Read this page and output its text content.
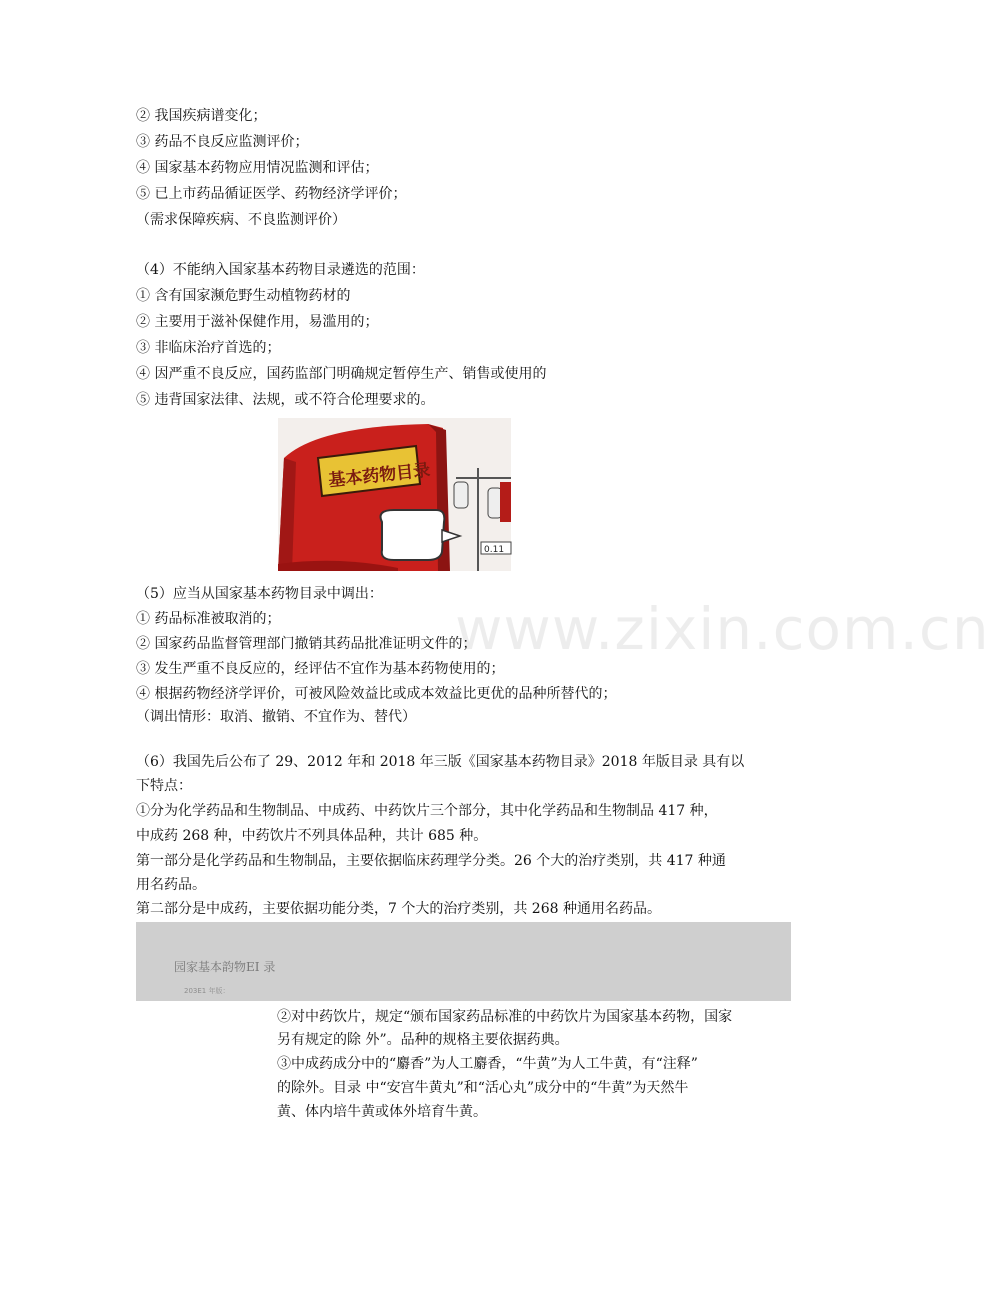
② 我国疾病谱变化；
③ 药品不良反应监测评价；
④ 国家基本药物应用情况监测和评估；
⑤ 已上市药品循证医学、药物经济学评价；
（需求保障疾病、不良监测评价）
（4）不能纳入国家基本药物目录遴选的范围：
① 含有国家濒危野生动植物药材的
② 主要用于滋补保健作用，易滥用的；
③ 非临床治疗首选的；
④ 因严重不良反应，国药监部门明确规定暂停生产、销售或使用的
⑤ 违背国家法律、法规，或不符合伦理要求的。
基本药物目录
0.11
www.zixin.com.cn
（5）应当从国家基本药物目录中调出：
① 药品标准被取消的；
② 国家药品监督管理部门撤销其药品批准证明文件的；
③ 发生严重不良反应的，经评估不宜作为基本药物使用的；
④ 根据药物经济学评价，可被风险效益比或成本效益比更优的品种所替代的；
（调出情形：取消、撤销、不宜作为、替代）
（6）我国先后公布了 29、2012 年和 2018 年三版《国家基本药物目录》2018 年版目录 具有以
下特点：
①分为化学药品和生物制品、中成药、中药饮片三个部分，其中化学药品和生物制品 417 种，
中成药 268 种，中药饮片不列具体品种，共计 685 种。
第一部分是化学药品和生物制品，主要依据临床药理学分类。26 个大的治疗类别，共 417 种通
用名药品。
第二部分是中成药，主要依据功能分类，7 个大的治疗类别，共 268 种通用名药品。
园家基本韵物EI 录
203E1 年版：
②对中药饮片，规定“颁布国家药品标准的中药饮片为国家基本药物，国家
另有规定的除 外”。品种的规格主要依据药典。
③中成药成分中的“麝香”为人工麝香，“牛黄”为人工牛黄，有“注释”
的除外。目录 中“安宫牛黄丸”和“活心丸”成分中的“牛黄”为天然牛
黄、体内培牛黄或体外培育牛黄。
